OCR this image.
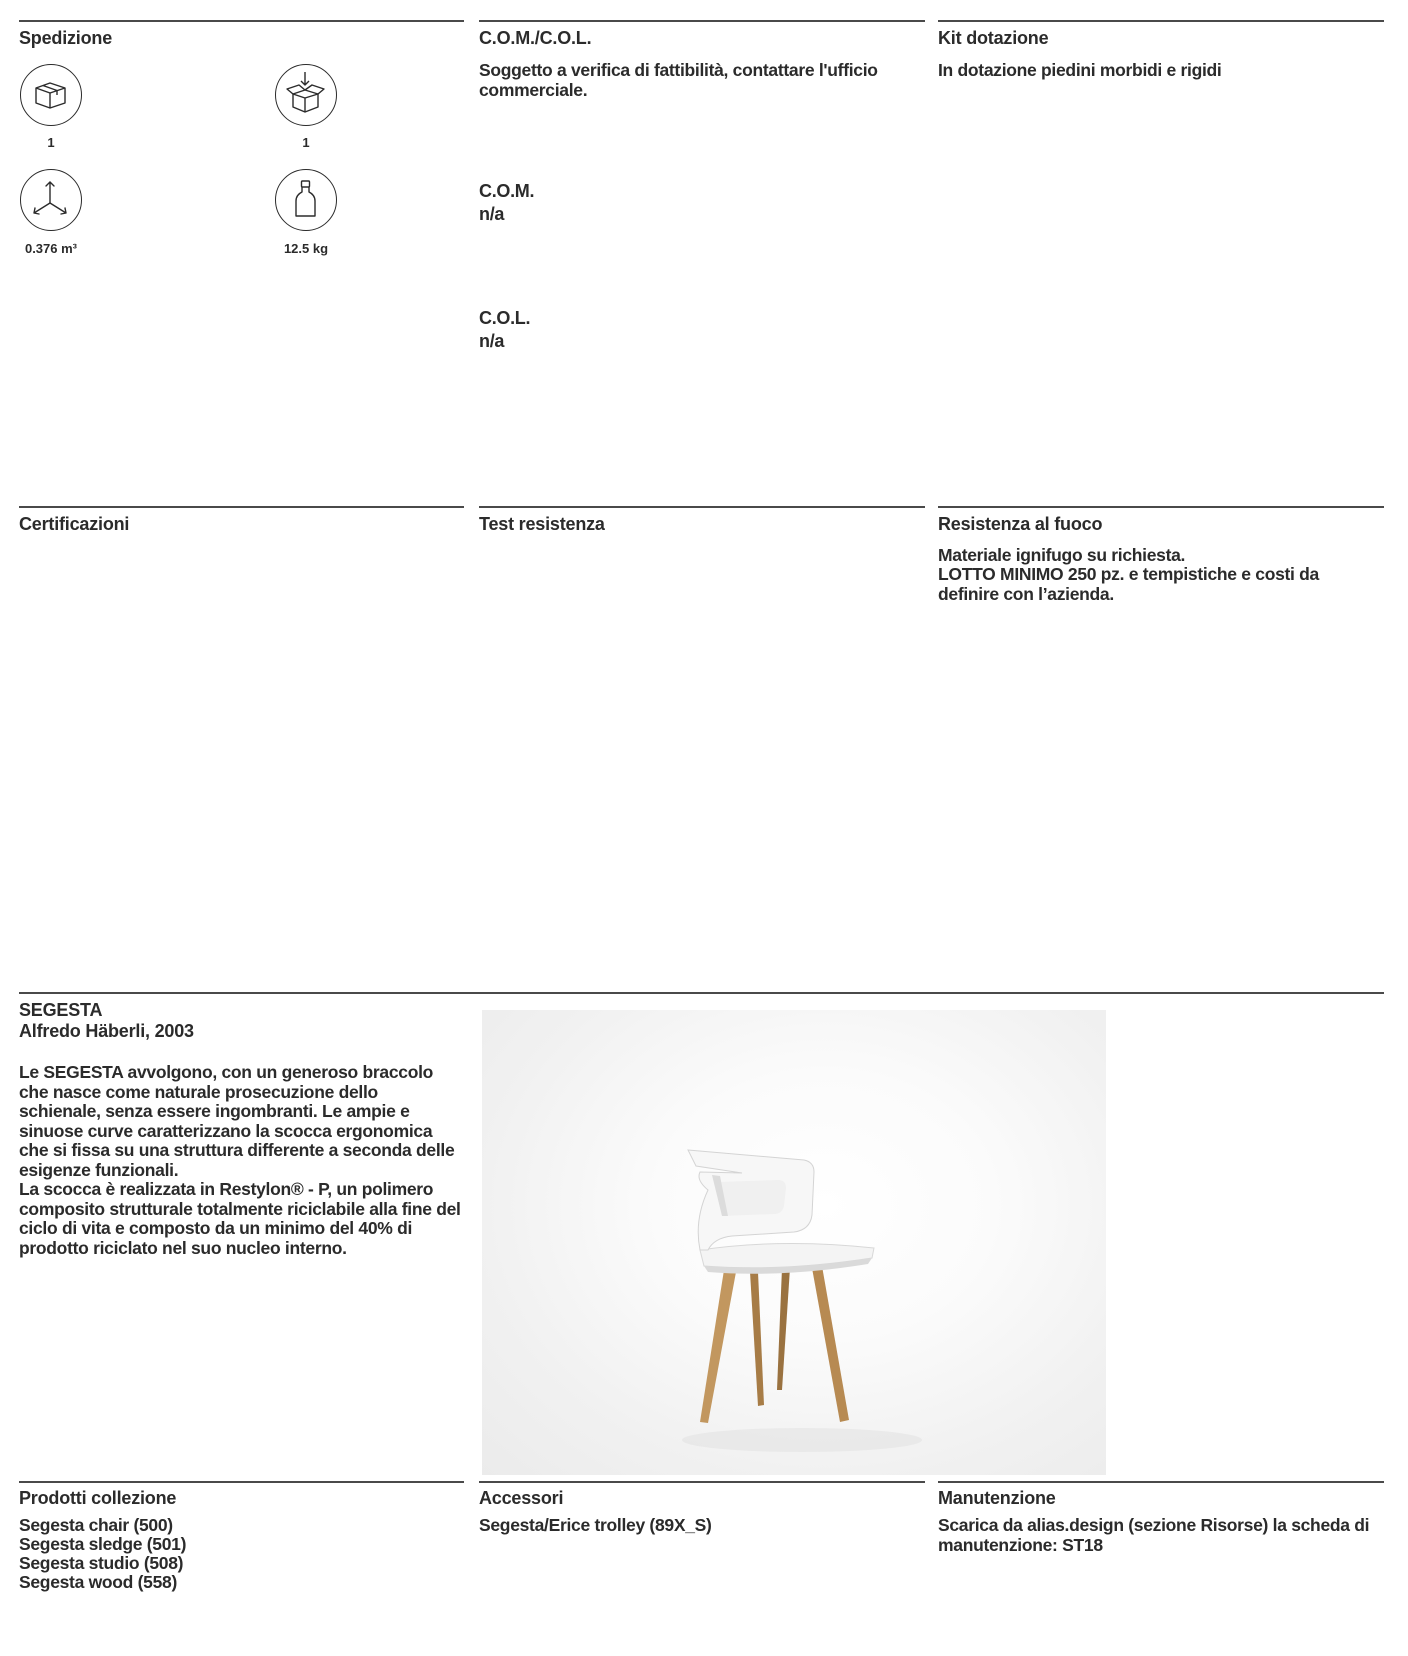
Spedizione
1	1
0.376 m³	12.5 kg
C.O.M./C.O.L.
Soggetto a verifica di fattibilità, contattare l'ufficio commerciale.
C.O.M.
n/a
C.O.L.
n/a
Kit dotazione
In dotazione piedini morbidi e rigidi
Certificazioni	Test resistenza	Resistenza al fuoco
Materiale ignifugo su richiesta.
LOTTO MINIMO 250 pz. e tempistiche e costi da definire con l’azienda.
SEGESTA
Alfredo Häberli, 2003
Le SEGESTA avvolgono, con un generoso braccolo che nasce come naturale prosecuzione dello schienale, senza essere ingombranti. Le ampie e sinuose curve caratterizzano la scocca ergonomica che si fissa su una struttura differente a seconda delle esigenze funzionali.
La scocca è realizzata in Restylon® - P, un polimero composito strutturale totalmente riciclabile alla fine del ciclo di vita e composto da un minimo del 40% di prodotto riciclato nel suo nucleo interno.
Prodotti collezione
Segesta chair (500)
Segesta sledge (501)
Segesta studio (508)
Segesta wood (558)
Accessori
Segesta/Erice trolley (89X_S)
Manutenzione
Scarica da alias.design (sezione Risorse) la scheda di manutenzione: ST18
